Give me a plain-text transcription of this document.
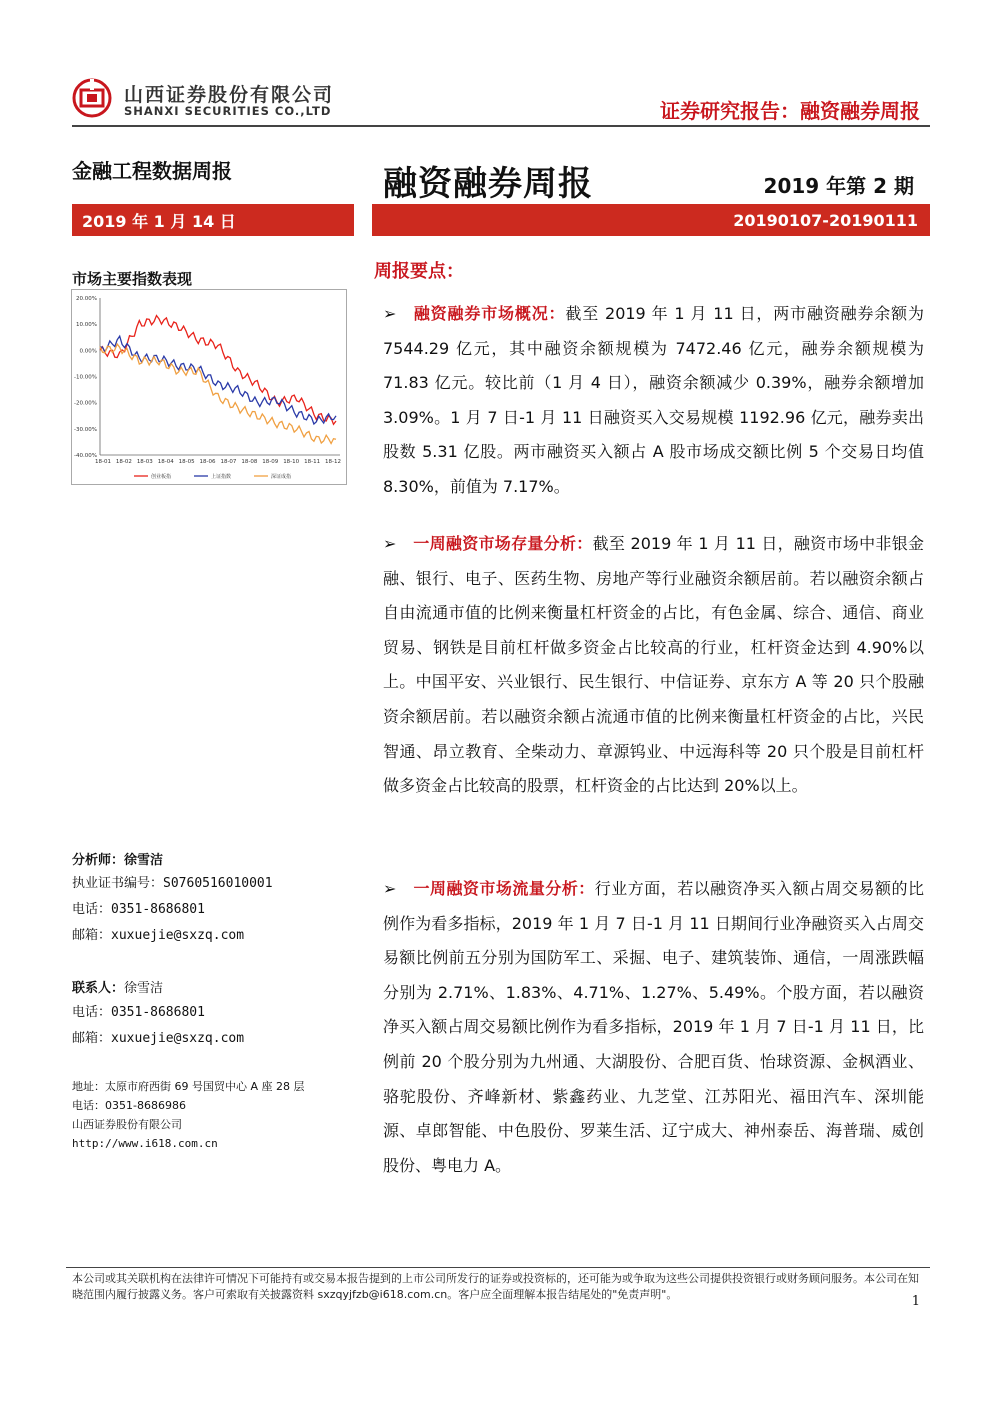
山西证券股份有限公司
SHANXI SECURITIES CO.,LTD	证券研究报告：融资融券周报
金融工程数据周报	融资融券周报	2019 年第 2 期
2019 年 1 月 14 日	20190107-20190111
市场主要指数表现
20.00%
10.00%
0.00%
-10.00%
-20.00%
-30.00%
-40.00%
18-01 18-02 18-03 18-04 18-05 18-06 18-07 18-08 18-09 18-10 18-11 18-12
创业板指	上证指数	深证成指
分析师：徐雪洁
执业证书编号：S0760516010001
电话：0351-8686801
邮箱：xuxuejie@sxzq.com
联系人：徐雪洁
电话：0351-8686801
邮箱：xuxuejie@sxzq.com
地址：太原市府西街 69 号国贸中心 A 座 28 层
电话：0351-8686986
山西证券股份有限公司
http://www.i618.com.cn
周报要点：

➢ 融资融券市场概况：截至 2019 年 1 月 11 日，两市融资融券余额为 7544.29 亿元，其中融资余额规模为 7472.46 亿元，融券余额规模为 71.83 亿元。较比前（1 月 4 日），融资余额减少 0.39%，融券余额增加 3.09%。1 月 7 日-1 月 11 日融资买入交易规模 1192.96 亿元，融券卖出股数 5.31 亿股。两市融资买入额占 A 股市场成交额比例 5 个交易日均值 8.30%，前值为 7.17%。

➢ 一周融资市场存量分析：截至 2019 年 1 月 11 日，融资市场中非银金融、银行、电子、医药生物、房地产等行业融资余额居前。若以融资余额占自由流通市值的比例来衡量杠杆资金的占比，有色金属、综合、通信、商业贸易、钢铁是目前杠杆做多资金占比较高的行业，杠杆资金达到 4.90%以上。中国平安、兴业银行、民生银行、中信证券、京东方 A 等 20 只个股融资余额居前。若以融资余额占流通市值的比例来衡量杠杆资金的占比，兴民智通、昂立教育、全柴动力、章源钨业、中远海科等 20 只个股是目前杠杆做多资金占比较高的股票，杠杆资金的占比达到 20%以上。

➢ 一周融资市场流量分析：行业方面，若以融资净买入额占周交易额的比例作为看多指标，2019 年 1 月 7 日-1 月 11 日期间行业净融资买入占周交易额比例前五分别为国防军工、采掘、电子、建筑装饰、通信，一周涨跌幅分别为 2.71%、1.83%、4.71%、1.27%、5.49%。个股方面，若以融资净买入额占周交易额比例作为看多指标，2019 年 1 月 7 日-1 月 11 日，比例前 20 个股分别为九州通、大湖股份、合肥百货、怡球资源、金枫酒业、骆驼股份、齐峰新材、紫鑫药业、九芝堂、江苏阳光、福田汽车、深圳能源、卓郎智能、中色股份、罗莱生活、辽宁成大、神州泰岳、海普瑞、威创股份、粤电力 A。

本公司或其关联机构在法律许可情况下可能持有或交易本报告提到的上市公司所发行的证券或投资标的，还可能为或争取为这些公司提供投资银行或财务顾问服务。本公司在知晓范围内履行披露义务。客户可索取有关披露资料 sxzqyjfzb@i618.com.cn。客户应全面理解本报告结尾处的"免责声明"。	1
